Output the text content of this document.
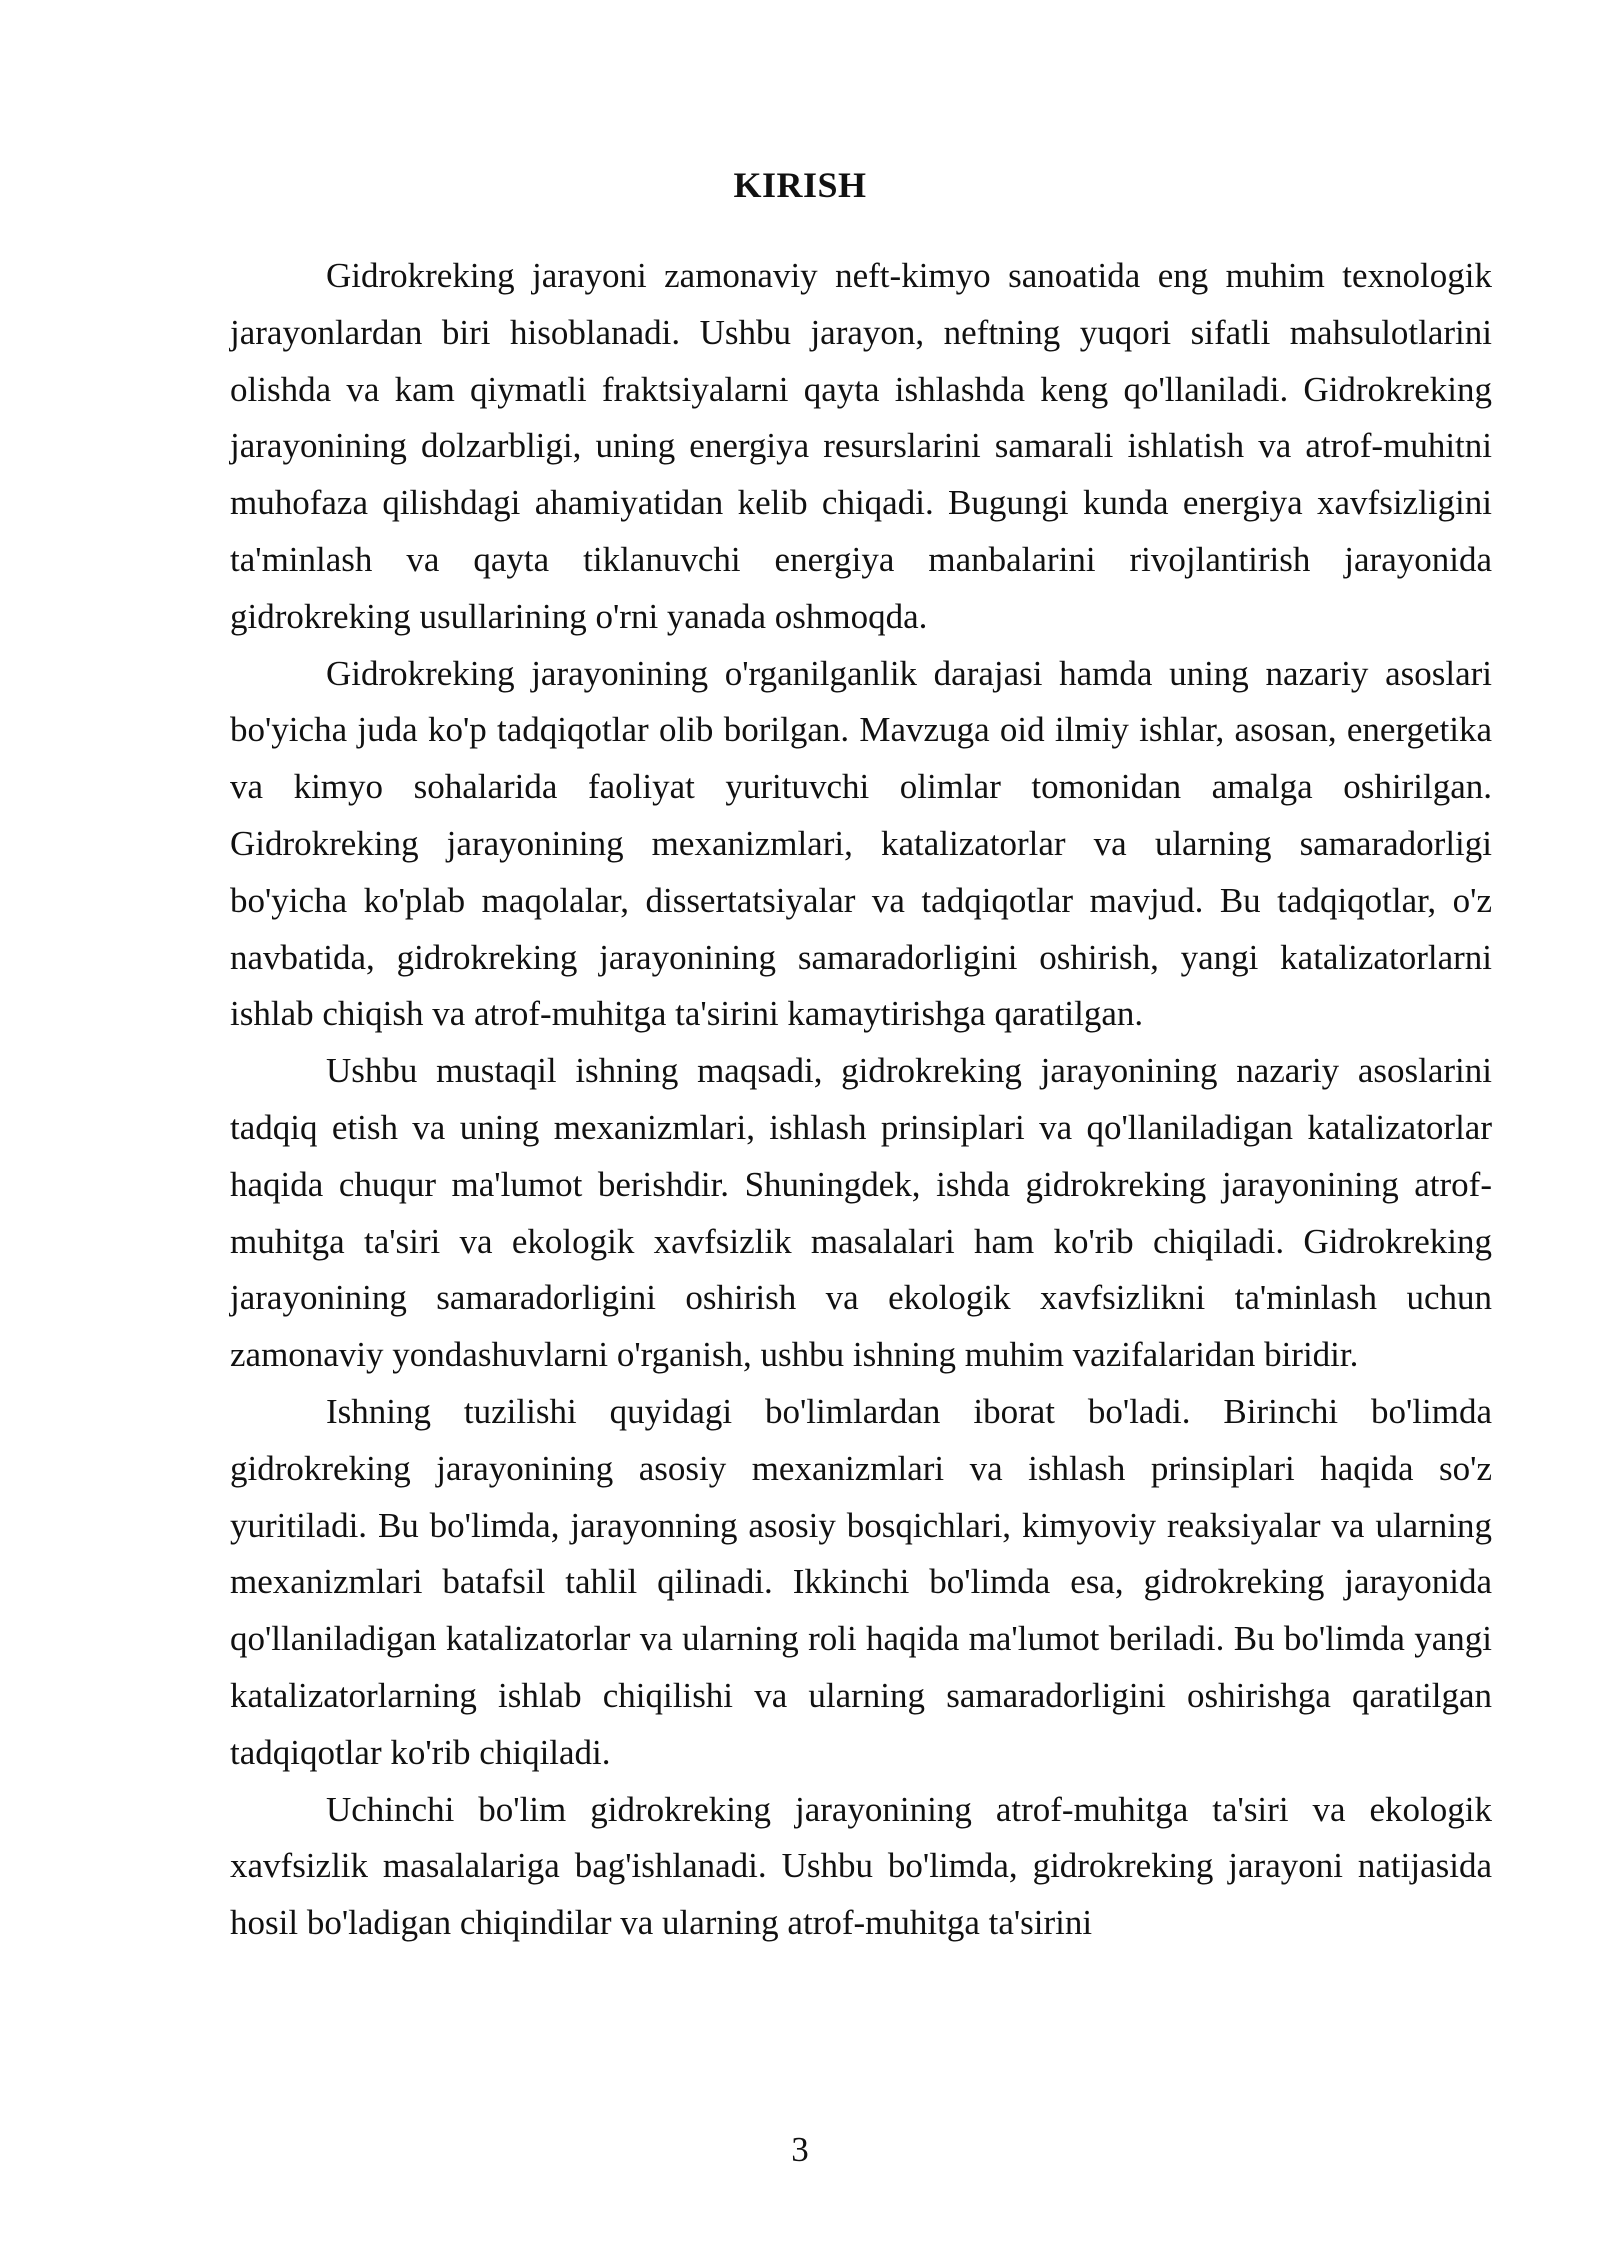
KIRISH

Gidrokreking jarayoni zamonaviy neft-kimyo sanoatida eng muhim texnologik jarayonlardan biri hisoblanadi. Ushbu jarayon, neftning yuqori sifatli mahsulotlarini olishda va kam qiymatli fraktsiyalarni qayta ishlashda keng qo'llaniladi. Gidrokreking jarayonining dolzarbligi, uning energiya resurslarini samarali ishlatish va atrof-muhitni muhofaza qilishdagi ahamiyatidan kelib chiqadi. Bugungi kunda energiya xavfsizligini ta'minlash va qayta tiklanuvchi energiya manbalarini rivojlantirish jarayonida gidrokreking usullarining o'rni yanada oshmoqda.

Gidrokreking jarayonining o'rganilganlik darajasi hamda uning nazariy asoslari bo'yicha juda ko'p tadqiqotlar olib borilgan. Mavzuga oid ilmiy ishlar, asosan, energetika va kimyo sohalarida faoliyat yurituvchi olimlar tomonidan amalga oshirilgan. Gidrokreking jarayonining mexanizmlari, katalizatorlar va ularning samaradorligi bo'yicha ko'plab maqolalar, dissertatsiyalar va tadqiqotlar mavjud. Bu tadqiqotlar, o'z navbatida, gidrokreking jarayonining samaradorligini oshirish, yangi katalizatorlarni ishlab chiqish va atrof-muhitga ta'sirini kamaytirishga qaratilgan.

Ushbu mustaqil ishning maqsadi, gidrokreking jarayonining nazariy asoslarini tadqiq etish va uning mexanizmlari, ishlash prinsiplari va qo'llaniladigan katalizatorlar haqida chuqur ma'lumot berishdir. Shuningdek, ishda gidrokreking jarayonining atrof-muhitga ta'siri va ekologik xavfsizlik masalalari ham ko'rib chiqiladi. Gidrokreking jarayonining samaradorligini oshirish va ekologik xavfsizlikni ta'minlash uchun zamonaviy yondashuvlarni o'rganish, ushbu ishning muhim vazifalaridan biridir.

Ishning tuzilishi quyidagi bo'limlardan iborat bo'ladi. Birinchi bo'limda gidrokreking jarayonining asosiy mexanizmlari va ishlash prinsiplari haqida so'z yuritiladi. Bu bo'limda, jarayonning asosiy bosqichlari, kimyoviy reaksiyalar va ularning mexanizmlari batafsil tahlil qilinadi. Ikkinchi bo'limda esa, gidrokreking jarayonida qo'llaniladigan katalizatorlar va ularning roli haqida ma'lumot beriladi. Bu bo'limda yangi katalizatorlarning ishlab chiqilishi va ularning samaradorligini oshirishga qaratilgan tadqiqotlar ko'rib chiqiladi.

Uchinchi bo'lim gidrokreking jarayonining atrof-muhitga ta'siri va ekologik xavfsizlik masalalariga bag'ishlanadi. Ushbu bo'limda, gidrokreking jarayoni natijasida hosil bo'ladigan chiqindilar va ularning atrof-muhitga ta'sirini

3
